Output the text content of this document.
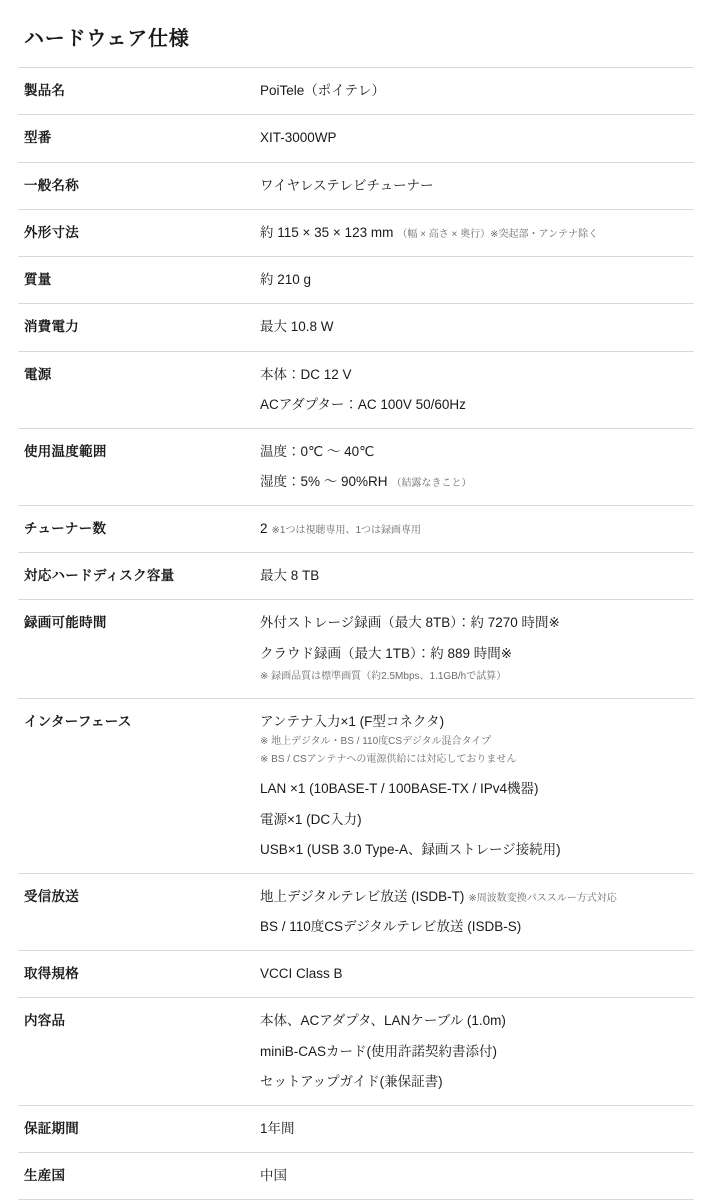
ハードウェア仕様
製品名	PoiTele（ポイテレ）

型番	XIT-3000WP

一般名称	ワイヤレステレビチューナー

外形寸法	約 115 × 35 × 123 mm （幅 × 高さ × 奥行）※突起部・アンテナ除く

質量	約 210 g

消費電力	最大 10.8 W

電源	本体：DC 12 V
ACアダプター：AC 100V 50/60Hz

使用温度範囲	温度：0℃ 〜 40℃
湿度：5% 〜 90%RH （結露なきこと）

チューナー数	2 ※1つは視聴専用、1つは録画専用

対応ハードディスク容量	最大 8 TB

録画可能時間	外付ストレージ録画（最大 8TB）：約 7270 時間※
クラウド録画（最大 1TB）：約 889 時間※
※ 録画品質は標準画質（約2.5Mbps、1.1GB/hで試算）

インターフェース	アンテナ入力×1 (F型コネクタ)
※ 地上デジタル・BS / 110度CSデジタル混合タイプ
※ BS / CSアンテナへの電源供給には対応しておりません
LAN ×1 (10BASE-T / 100BASE-TX / IPv4機器)
電源×1 (DC入力)
USB×1 (USB 3.0 Type-A、録画ストレージ接続用)

受信放送	地上デジタルテレビ放送 (ISDB-T) ※周波数変換パススルー方式対応
BS / 110度CSデジタルテレビ放送 (ISDB-S)

取得規格	VCCI Class B

内容品	本体、ACアダプタ、LANケーブル (1.0m)
miniB-CASカード(使用許諾契約書添付)
セットアップガイド(兼保証書)

保証期間	1年間

生産国	中国
